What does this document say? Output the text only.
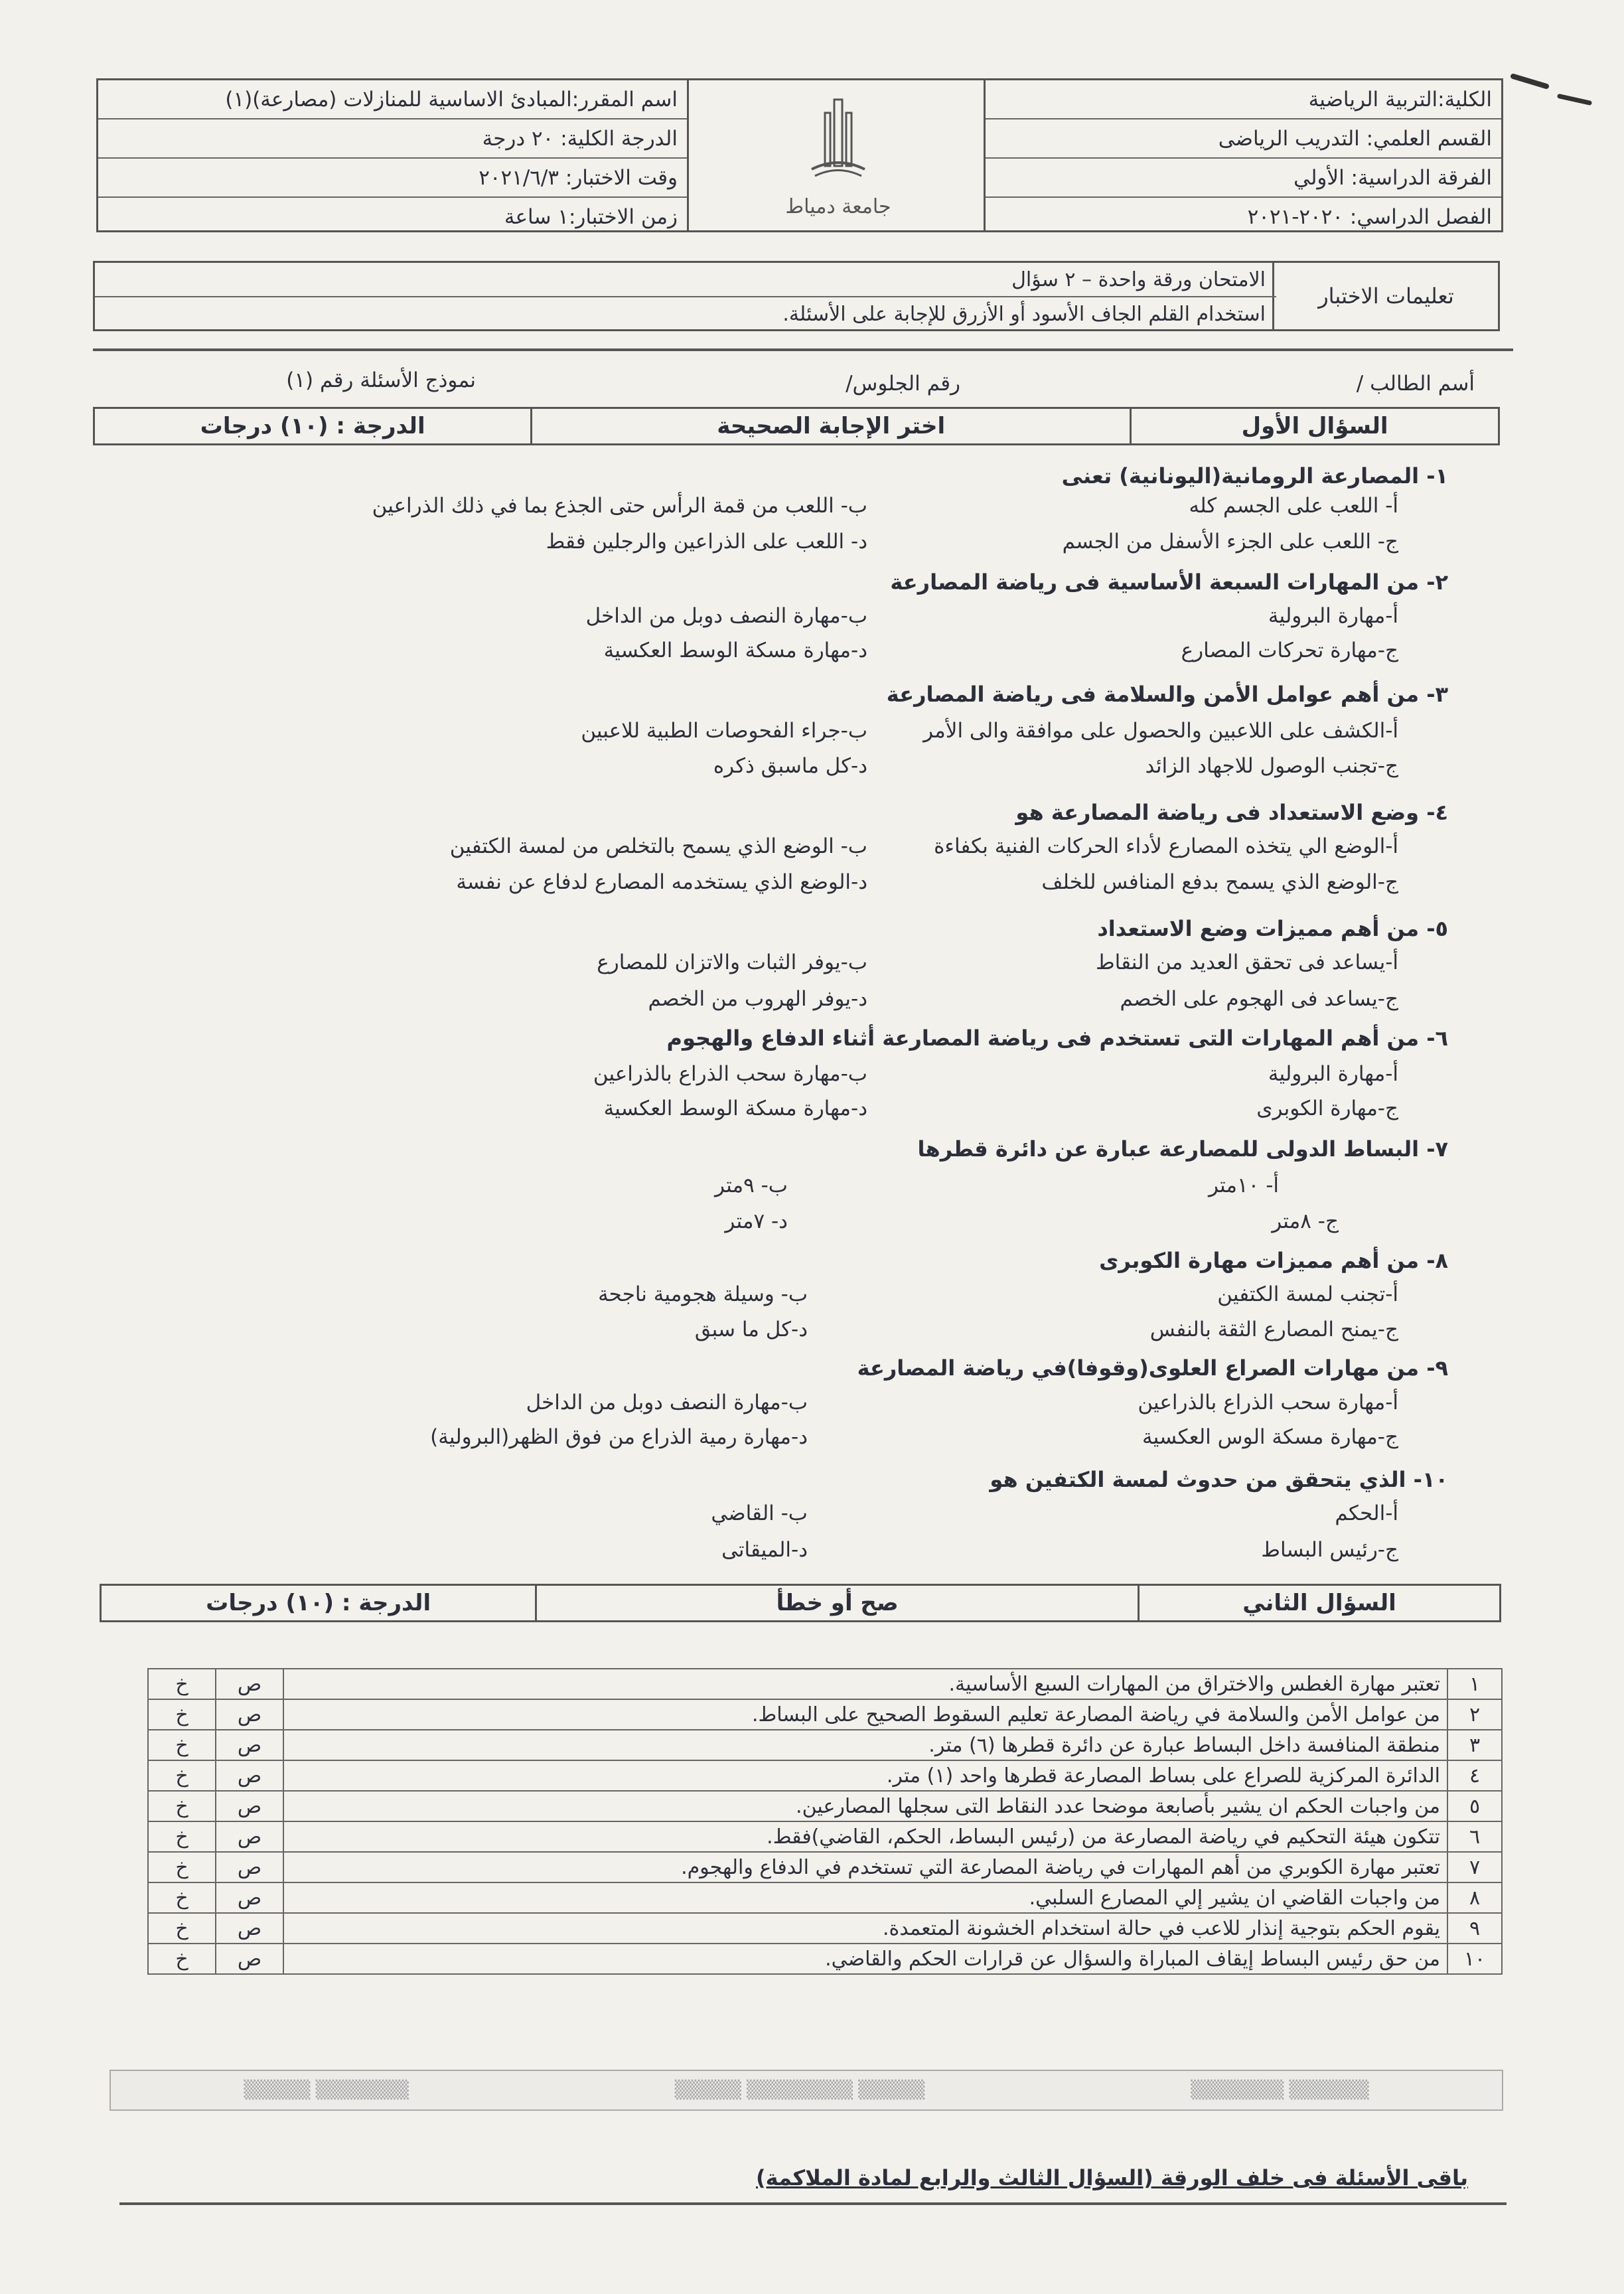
الكلية:التربية الرياضية
القسم العلمي: التدريب الرياضى
الفرقة الدراسية: الأولي
الفصل الدراسي: ٢٠٢٠-٢٠٢١
جامعة دمياط
اسم المقرر:المبادئ الاساسية للمنازلات (مصارعة)(١)
الدرجة الكلية: ٢٠ درجة
وقت الاختبار: ٢٠٢١/٦/٣
زمن الاختبار:١ ساعة
تعليمات الاختبار
الامتحان ورقة واحدة – ٢ سؤال
استخدام القلم الجاف الأسود أو الأزرق للإجابة على الأسئلة.
أسم الطالب /
رقم الجلوس/
نموذج الأسئلة رقم (١)
السؤال الأول
اختر الإجابة الصحيحة
الدرجة : (١٠) درجات
١- المصارعة الرومانية(اليونانية) تعنى
أ- اللعب على الجسم كله
ب- اللعب من قمة الرأس حتى الجذع بما في ذلك الذراعين
ج- اللعب على الجزء الأسفل من الجسم
د- اللعب على الذراعين والرجلين فقط
٢- من المهارات السبعة الأساسية فى رياضة المصارعة
أ-مهارة البرولية
ب-مهارة النصف دوبل من الداخل
ج-مهارة تحركات المصارع
د-مهارة مسكة الوسط العكسية
٣- من أهم عوامل الأمن والسلامة فى رياضة المصارعة
أ-الكشف على اللاعبين والحصول على موافقة والى الأمر
ب-جراء الفحوصات الطبية للاعبين
ج-تجنب الوصول للاجهاد الزائد
د-كل ماسبق ذكره
٤- وضع الاستعداد فى رياضة المصارعة هو
أ-الوضع الي يتخذه المصارع لأداء الحركات الفنية بكفاءة
ب- الوضع الذي يسمح بالتخلص من لمسة الكتفين
ج-الوضع الذي يسمح بدفع المنافس للخلف
د-الوضع الذي يستخدمه المصارع لدفاع عن نفسة
٥- من أهم مميزات وضع الاستعداد
أ-يساعد فى تحقق العديد من النقاط
ب-يوفر الثبات والاتزان للمصارع
ج-يساعد فى الهجوم على الخصم
د-يوفر الهروب من الخصم
٦- من أهم المهارات التى تستخدم فى رياضة المصارعة أثناء الدفاع والهجوم
أ-مهارة البرولية
ب-مهارة سحب الذراع بالذراعين
ج-مهارة الكوبرى
د-مهارة مسكة الوسط العكسية
٧- البساط الدولى للمصارعة عبارة عن دائرة قطرها
أ- ١٠متر
ب- ٩متر
ج- ٨متر
د- ٧متر
٨- من أهم مميزات مهارة الكوبرى
أ-تجنب لمسة الكتفين
ب- وسيلة هجومية ناجحة
ج-يمنح المصارع الثقة بالنفس
د-كل ما سبق
٩- من مهارات الصراع العلوى(وقوفا)في رياضة المصارعة
أ-مهارة سحب الذراع بالذراعين
ب-مهارة النصف دوبل من الداخل
ج-مهارة مسكة الوس العكسية
د-مهارة رمية الذراع من فوق الظهر(البرولية)
١٠- الذي يتحقق من حدوث لمسة الكتفين هو
أ-الحكم
ب- القاضي
ج-رئيس البساط
د-الميقاتى
السؤال الثاني
صح أو خطأ
الدرجة : (١٠) درجات
١	تعتبر مهارة الغطس والاختراق من المهارات السبع الأساسية.	ص	خ
٢	من عوامل الأمن والسلامة في رياضة المصارعة تعليم السقوط الصحيح على البساط.	ص	خ
٣	منطقة المنافسة داخل البساط عبارة عن دائرة قطرها (٦) متر.	ص	خ
٤	الدائرة المركزية للصراع على بساط المصارعة قطرها واحد (١) متر.	ص	خ
٥	من واجبات الحكم ان يشير بأصابعة موضحا عدد النقاط التى سجلها المصارعين.	ص	خ
٦	تتكون هيئة التحكيم في رياضة المصارعة من (رئيس البساط، الحكم، القاضي)فقط.	ص	خ
٧	تعتبر مهارة الكوبري من أهم المهارات في رياضة المصارعة التي تستخدم في الدفاع والهجوم.	ص	خ
٨	من واجبات القاضي ان يشير إلي المصارع السلبي.	ص	خ
٩	يقوم الحكم بتوجية إنذار للاعب في حالة استخدام الخشونة المتعمدة.	ص	خ
١٠	من حق رئيس البساط إيقاف المباراة والسؤال عن قرارات الحكم والقاضي.	ص	خ
▒▒▒▒▒▒ ▒▒▒▒▒▒▒
▒▒▒▒▒ ▒▒▒▒▒▒▒▒ ▒▒▒▒▒
▒▒▒▒▒▒▒ ▒▒▒▒▒
باقى الأسئلة فى خلف الورقة (السؤال الثالث والرابع لمادة الملاكمة)
